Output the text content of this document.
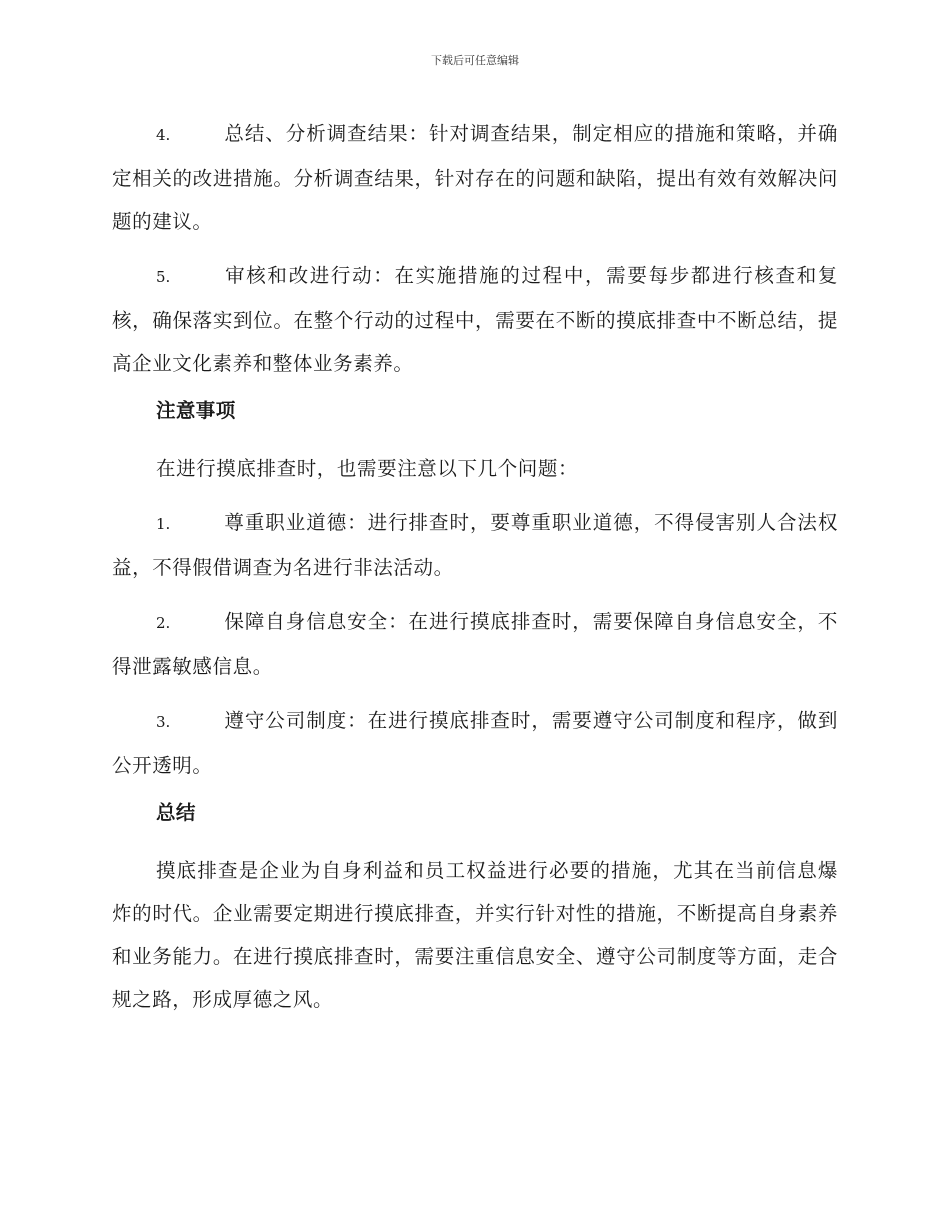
下载后可任意编辑

4.	总结、分析调查结果：针对调查结果，制定相应的措施和策略，并确定相关的改进措施。分析调查结果，针对存在的问题和缺陷，提出有效有效解决问题的建议。

5.	审核和改进行动：在实施措施的过程中，需要每步都进行核查和复核，确保落实到位。在整个行动的过程中，需要在不断的摸底排查中不断总结，提高企业文化素养和整体业务素养。

注意事项

在进行摸底排查时，也需要注意以下几个问题：

1.	尊重职业道德：进行排查时，要尊重职业道德，不得侵害别人合法权益，不得假借调查为名进行非法活动。

2.	保障自身信息安全：在进行摸底排查时，需要保障自身信息安全，不得泄露敏感信息。

3.	遵守公司制度：在进行摸底排查时，需要遵守公司制度和程序，做到公开透明。

总结

摸底排查是企业为自身利益和员工权益进行必要的措施，尤其在当前信息爆炸的时代。企业需要定期进行摸底排查，并实行针对性的措施，不断提高自身素养和业务能力。在进行摸底排查时，需要注重信息安全、遵守公司制度等方面，走合规之路，形成厚德之风。
